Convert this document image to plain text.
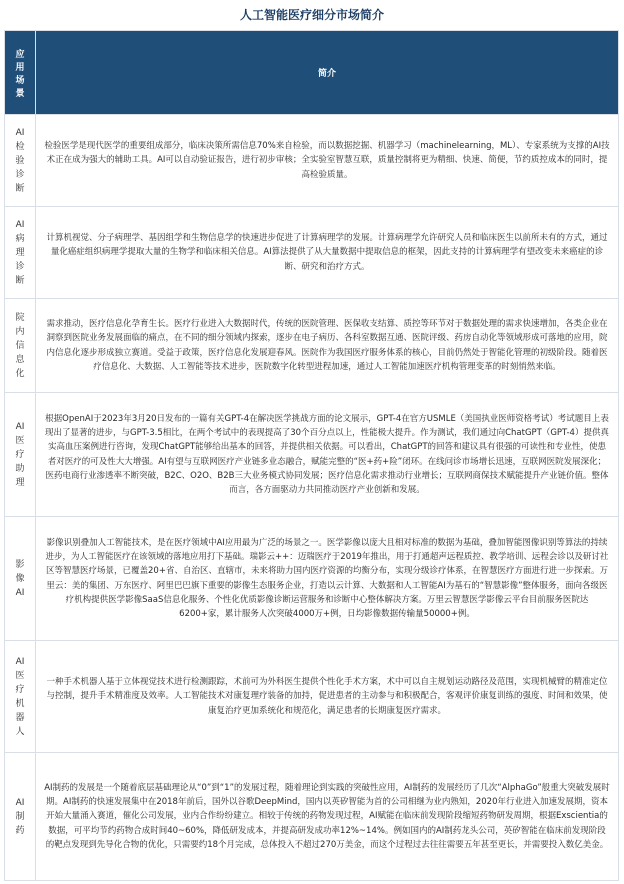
人工智能医疗细分市场简介
应用场景	简介
AI检验诊断	检验医学是现代医学的重要组成部分，临床决策所需信息70%来自检验，而以数据挖掘、机器学习（machinelearning，ML）、专家系统为支撑的AI技术正在成为强大的辅助工具。AI可以自动验证报告，进行初步审核；全实验室智慧互联，质量控制将更为精细、快速、简便，节约质控成本的同时，提高检验质量。
AI病理诊断	计算机视觉、分子病理学、基因组学和生物信息学的快速进步促进了计算病理学的发展。计算病理学允许研究人员和临床医生以前所未有的方式，通过量化癌症组织病理学提取大量的生物学和临床相关信息。AI算法提供了从大量数据中提取信息的框架，因此支持的计算病理学有望改变未来癌症的诊断、研究和治疗方式。
院内信息化	需求推动，医疗信息化孕育生长。医疗行业进入大数据时代，传统的医院管理、医保收支结算、质控等环节对于数据处理的需求快速增加，各类企业在洞察到医院业务发展面临的痛点，在不同的细分领域内探索，逐步在电子病历、各科室数据互通、医院评级、药房自动化等领域形成可落地的应用，院内信息化逐步形成独立赛道。受益于政策，医疗信息化发展迎春风。医院作为我国医疗服务体系的核心，目前仍然处于智能化管理的初级阶段。随着医疗信息化、大数据、人工智能等技术进步，医院数字化转型进程加速，通过人工智能加速医疗机构管理变革的时刻悄然来临。
AI医疗助理	根据OpenAI于2023年3月20日发布的一篇有关GPT-4在解决医学挑战方面的论文展示，GPT-4在官方USMLE（美国执业医师资格考试）考试题目上表现出了显著的进步，与GPT-3.5相比，在两个考试中的表现提高了30个百分点以上，性能极大提升。作为测试，我们通过向ChatGPT（GPT-4）提供真实高血压案例进行咨询，发现ChatGPT能够给出基本的回答，并提供相关依据。可以看出，ChatGPT的回答和建议具有很强的可读性和专业性，使患者对医疗的可及性大大增强。AI有望与互联网医疗产业链多业态融合，赋能完整的“医+药+险”闭环。在线问诊市场增长迅速，互联网医院发展深化；医药电商行业渗透率不断突破，B2C、O2O、B2B三大业务模式协同发展；医疗信息化需求推动行业增长；互联网商保技术赋能提升产业链价值。整体而言，各方面驱动力共同推动医疗产业创新和发展。
影像AI	影像识别叠加人工智能技术，是在医疗领域中AI应用最为广泛的场景之一。医学影像以庞大且相对标准的数据为基础，叠加智能图像识别等算法的持续进步，为人工智能医疗在该领域的落地应用打下基础。瑞影云++：迈瑞医疗于2019年推出，用于打通超声远程质控、教学培训、远程会诊以及研讨社区等智慧医疗场景，已覆盖20+省、自治区、直辖市，未来将助力国内医疗资源的均衡分布，实现分级诊疗体系，在智慧医疗方面进行进一步探索。万里云：美的集团、万东医疗、阿里巴巴旗下重要的影像生态服务企业，打造以云计算、大数据和人工智能AI为基石的“智慧影像”整体服务，面向各级医疗机构提供医学影像SaaS信息化服务、个性化优质影像诊断运营服务和诊断中心整体解决方案。万里云智慧医学影像云平台目前服务医院达6200+家，累计服务人次突破4000万+例，日均影像数据传输量50000+例。
AI医疗机器人	一种手术机器人基于立体视觉技术进行检测跟踪，术前可为外科医生提供个性化手术方案，术中可以自主规划运动路径及范围，实现机械臂的精准定位与控制，提升手术精准度及效率。人工智能技术对康复理疗装备的加持，促进患者的主动参与和积极配合，客观评价康复训练的强度、时间和效果，使康复治疗更加系统化和规范化，满足患者的长期康复医疗需求。
AI制药	AI制药的发展是一个随着底层基础理论从“0”到“1”的发展过程，随着理论到实践的突破性应用，AI制药的发展经历了几次“AlphaGo”般重大突破发展时期。AI制药的快速发展集中在2018年前后，国外以谷歌DeepMind，国内以英矽智能为首的公司相继为业内熟知，2020年行业进入加速发展期，资本开始大量涌入赛道，催化公司发展，业内合作纷纷建立。相较于传统的药物发现过程，AI赋能在临床前发现阶段缩短药物研发周期，根据Exscientia的数据，可平均节约药物合成时间40~60%，降低研发成本，并提高研发成功率12%~14%。例如国内的AI制药龙头公司，英矽智能在临床前发现阶段的靶点发现到先导化合物的优化，只需要约18个月完成，总体投入不超过270万美金，而这个过程过去往往需要五年甚至更长，并需要投入数亿美金。
